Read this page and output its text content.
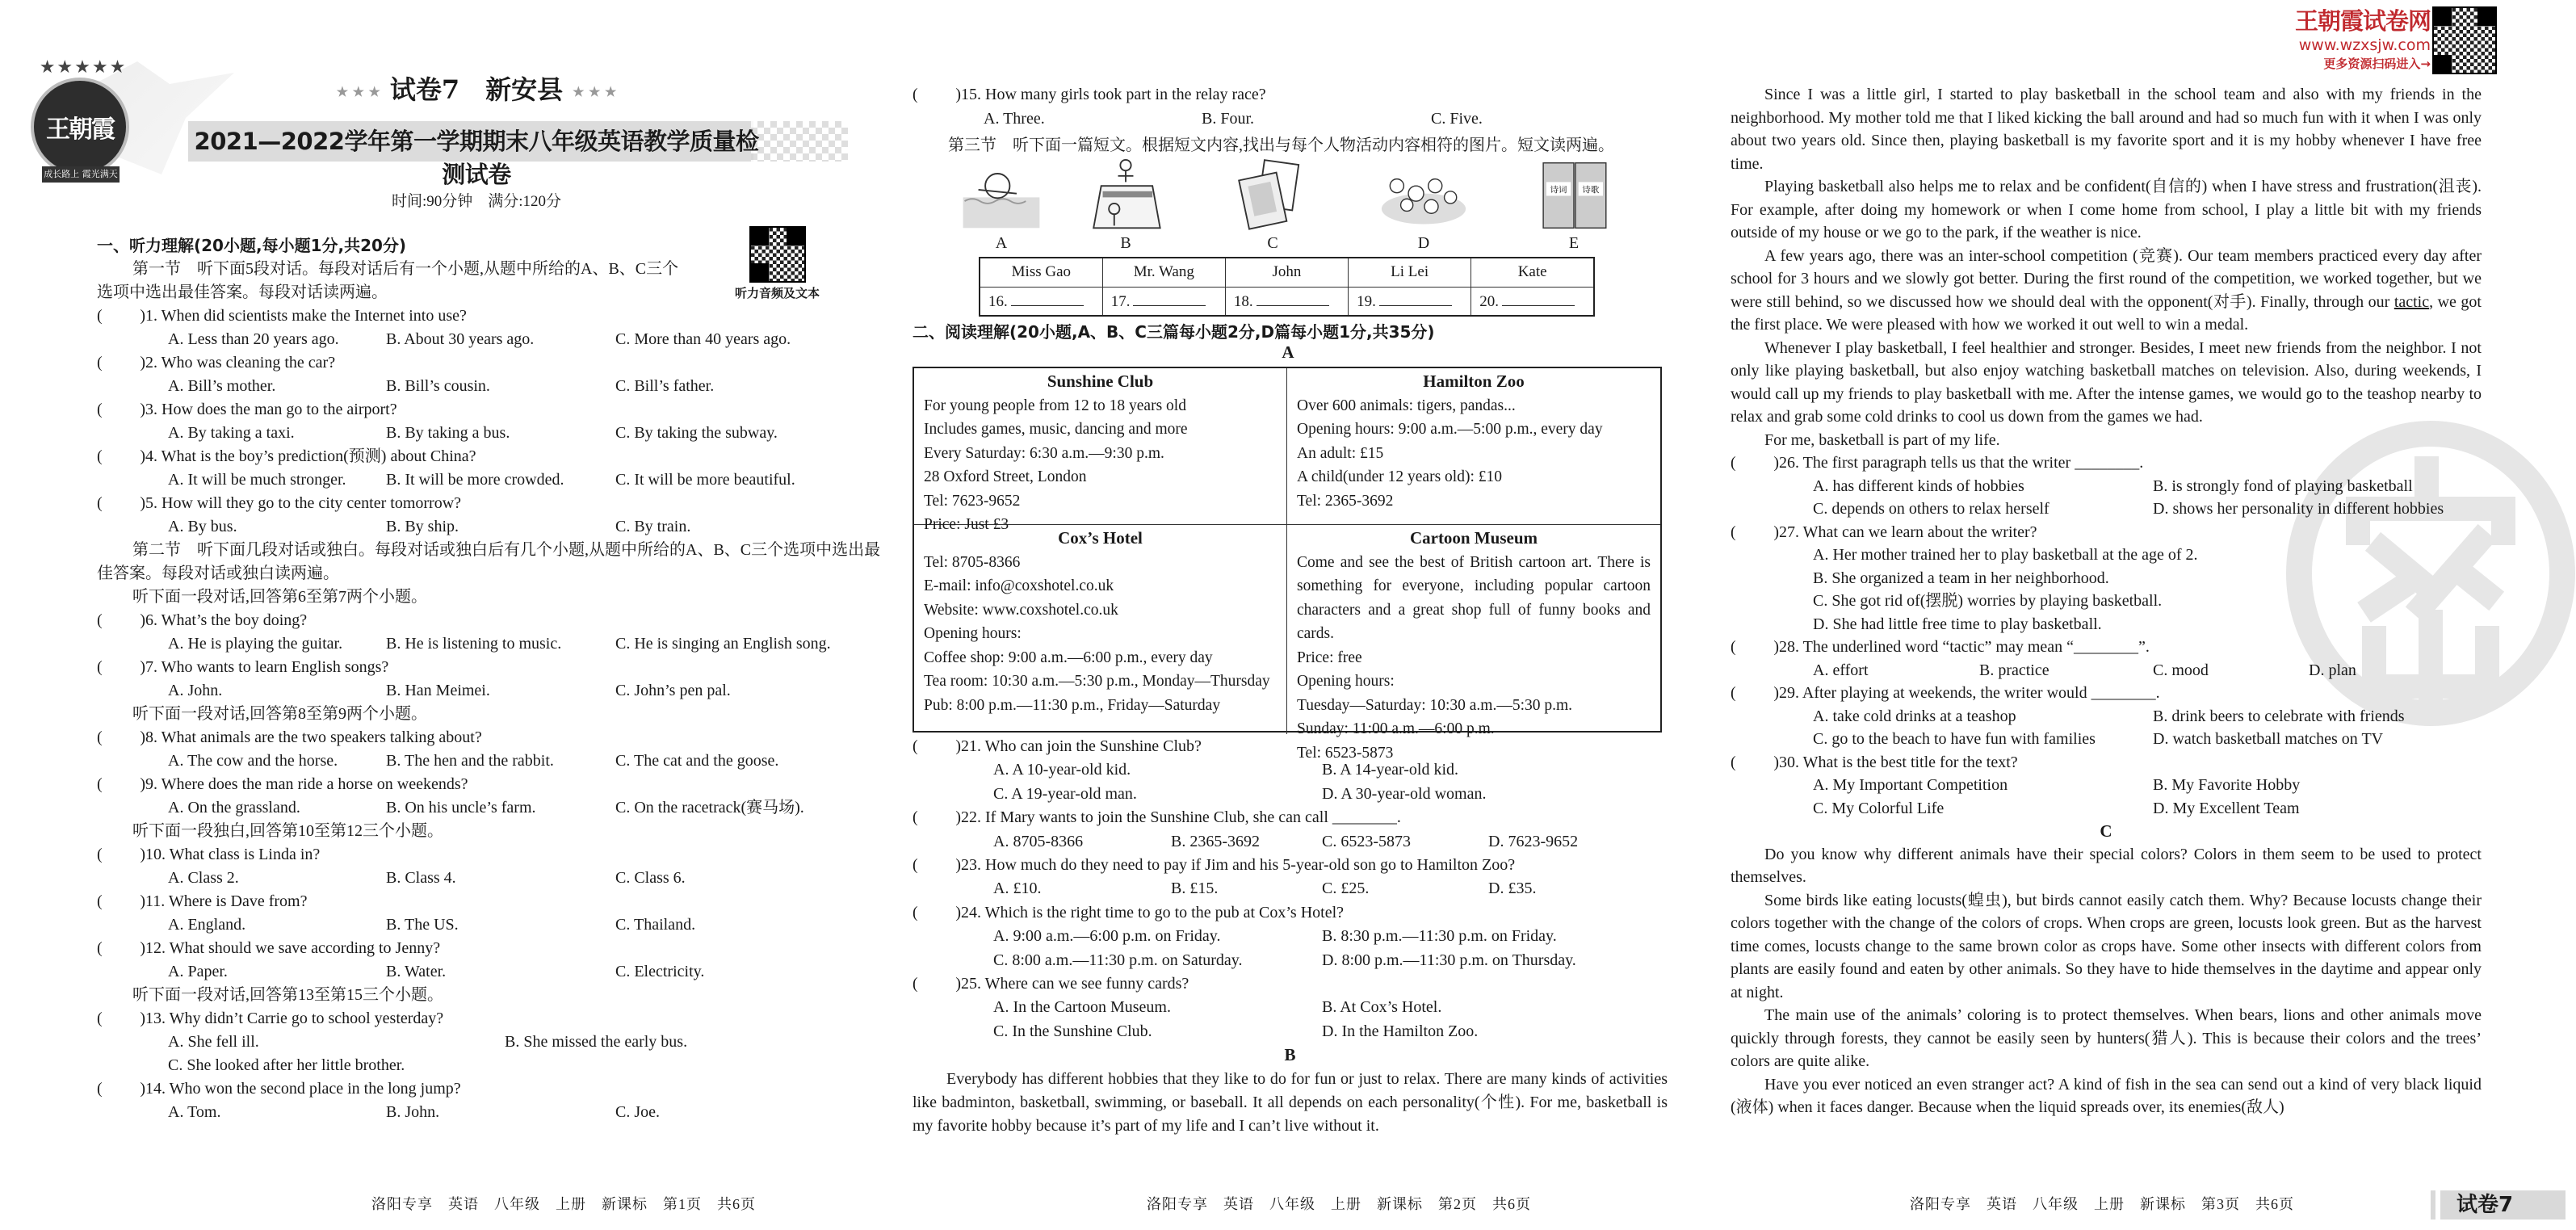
★★★★★
王朝霞
成长路上 霞光满天
★ ★ ★ 试卷7　新安县★ ★ ★
2021—2022学年第一学期期末八年级英语教学质量检测试卷
时间:90分钟　满分:120分
听力音频及文本
王朝霞试卷网
www.wzxsjw.com
更多资源扫码进入→
一、听力理解(20小题,每小题1分,共20分)
第一节　听下面5段对话。每段对话后有一个小题,从题中所给的A、B、C三个选项中选出最佳答案。每段对话读两遍。
( )1 . When did scientists make the Internet into use?
A. Less than 20 years ago.	B. About 30 years ago.	C. More than 40 years ago.
( )2 . Who was cleaning the car?
A. Bill’s mother.	B. Bill’s cousin.	C. Bill’s father.
( )3 . How does the man go to the airport?
A. By taking a taxi.	B. By taking a bus.	C. By taking the subway.
( )4 . What is the boy’s prediction(预测) about China?
A. It will be much stronger. B. It will be more crowded.	C. It will be more beautiful.
( )5 . How will they go to the city center tomorrow?
A. By bus.	B. By ship.	C. By train.
第二节　听下面几段对话或独白。每段对话或独白后有几个小题,从题中所给的A、B、C三个选项中选出最佳答案。每段对话或独白读两遍。
听下面一段对话,回答第6至第7两个小题。
( )6 . What’s the boy doing?
A. He is playing the guitar.	B. He is listening to music.	C. He is singing an English song.
( )7 . Who wants to learn English songs?
A. John.	B. Han Meimei.	C. John’s pen pal.
听下面一段对话,回答第8至第9两个小题。
( )8 . What animals are the two speakers talking about?
A. The cow and the horse.	B. The hen and the rabbit.	C. The cat and the goose.
( )9 . Where does the man ride a horse on weekends?
A. On the grassland.	B. On his uncle’s farm.	C. On the racetrack(赛马场).
听下面一段独白,回答第10至第12三个小题。
( )10 . What class is Linda in?
A. Class 2.	B. Class 4.	C. Class 6.
( )11 . Where is Dave from?
A. England.	B. The US.	C. Thailand.
( )12 . What should we save according to Jenny?
A. Paper.	B. Water.	C. Electricity.
听下面一段对话,回答第13至第15三个小题。
( )13 . Why didn’t Carrie go to school yesterday?
A. She fell ill.	B. She missed the early bus.
C. She looked after her little brother.
( )14 . Who won the second place in the long jump?
A. Tom.	B. John.	C. Joe.
( )15 . How many girls took part in the relay race?
A. Three.	B. Four.	C. Five.
第三节　听下面一篇短文。根据短文内容,找出与每个人物活动内容相符的图片。短文读两遍。
诗词 诗歌
A	B	C	D	E
Miss Gao	Mr. Wang	John	Li Lei	Kate
16.	17.	18.	19.	20.
二、阅读理解(20小题,A、B、C三篇每小题2分,D篇每小题1分,共35分)
A
Sunshine Club
For young people from 12 to 18 years old
Includes games, music, dancing and more
Every Saturday: 6:30 a.m.—9:30 p.m.
28 Oxford Street, London
Tel: 7623-9652
Price: Just £3
Hamilton Zoo
Over 600 animals: tigers, pandas...
Opening hours: 9:00 a.m.—5:00 p.m., every day
An adult: £15
A child(under 12 years old): £10
Tel: 2365-3692
Cox’s Hotel
Tel: 8705-8366
E-mail: info@coxshotel.co.uk
Website: www.coxshotel.co.uk
Opening hours:
Coffee shop: 9:00 a.m.—6:00 p.m., every day
Tea room: 10:30 a.m.—5:30 p.m., Monday—Thursday
Pub: 8:00 p.m.—11:30 p.m., Friday—Saturday
Cartoon Museum
Come and see the best of British cartoon art. There is something for everyone, including popular cartoon characters and a great shop full of funny books and cards.
Price: free
Opening hours:
Tuesday—Saturday: 10:30 a.m.—5:30 p.m.
Sunday: 11:00 a.m.—6:00 p.m.
Tel: 6523-5873
( )21 . Who can join the Sunshine Club?
A. A 10-year-old kid.	B. A 14-year-old kid.
C. A 19-year-old man.	D. A 30-year-old woman.
( )22 . If Mary wants to join the Sunshine Club, she can call ________.
A. 8705-8366	B. 2365-3692	C. 6523-5873	D. 7623-9652
( )23 . How much do they need to pay if Jim and his 5-year-old son go to Hamilton Zoo?
A. £10.	B. £15.	C. £25.	D. £35.
( )24 . Which is the right time to go to the pub at Cox’s Hotel?
A. 9:00 a.m.—6:00 p.m. on Friday.	B. 8:30 p.m.—11:30 p.m. on Friday.
C. 8:00 a.m.—11:30 p.m. on Saturday.	D. 8:00 p.m.—11:30 p.m. on Thursday.
( )25 . Where can we see funny cards?
A. In the Cartoon Museum.	B. At Cox’s Hotel.
C. In the Sunshine Club.	D. In the Hamilton Zoo.
B
Everybody has different hobbies that they like to do for fun or just to relax. There are many kinds of activities like badminton, basketball, swimming, or baseball. It all depends on each personality(个性). For me, basketball is my favorite hobby because it’s part of my life and I can’t live without it.
Since I was a little girl, I started to play basketball in the school team and also with my friends in the neighborhood. My mother told me that I liked kicking the ball around and had so much fun with it when I was only about two years old. Since then, playing basketball is my favorite sport and it is my hobby whenever I have free time.
Playing basketball also helps me to relax and be confident(自信的) when I have stress and frustration(沮丧). For example, after doing my homework or when I come home from school, I play a little bit with my friends outside of my house or we go to the park, if the weather is nice.
A few years ago, there was an inter-school competition (竞赛). Our team members practiced every day after school for 3 hours and we slowly got better. During the first round of the competition, we worked together, but we were still behind, so we discussed how we should deal with the opponent(对手). Finally, through our tactic, we got the first place. We were pleased with how we worked it out well to win a medal.
Whenever I play basketball, I feel healthier and stronger. Besides, I meet new friends from the neighbor. I not only like playing basketball, but also enjoy watching basketball matches on television. Also, during weekends, I would call up my friends to play basketball with me. After the intense games, we would go to the teashop nearby to relax and grab some cold drinks to cool us down from the games we had.
For me, basketball is part of my life.
( )26 . The first paragraph tells us that the writer ________.
A. has different kinds of hobbies	B. is strongly fond of playing basketball
C. depends on others to relax herself	D. shows her personality in different hobbies
( )27 . What can we learn about the writer?
A. Her mother trained her to play basketball at the age of 2.
B. She organized a team in her neighborhood.
C. She got rid of(摆脱) worries by playing basketball.
D. She had little free time to play basketball.
( )28 . The underlined word “tactic” may mean “________”.
A. effort	B. practice	C. mood	D. plan
( )29 . After playing at weekends, the writer would ________.
A. take cold drinks at a teashop	B. drink beers to celebrate with friends
C. go to the beach to have fun with families	D. watch basketball matches on TV
( )30 . What is the best title for the text?
A. My Important Competition	B. My Favorite Hobby
C. My Colorful Life	D. My Excellent Team
C
Do you know why different animals have their special colors? Colors in them seem to be used to protect themselves.
Some birds like eating locusts(蝗虫), but birds cannot easily catch them. Why? Because locusts change their colors together with the change of the colors of crops. When crops are green, locusts look green. But as the harvest time comes, locusts change to the same brown color as crops have. Some other insects with different colors from plants are easily found and eaten by other animals. So they have to hide themselves in the daytime and appear only at night.
The main use of the animals’ coloring is to protect themselves. When bears, lions and other animals move quickly through forests, they cannot be easily seen by hunters(猎人). This is because their colors and the trees’ colors are quite alike.
Have you ever noticed an even stranger act? A kind of fish in the sea can send out a kind of very black liquid (液体) when it faces danger. Because when the liquid spreads over, its enemies(敌人)
洛阳专享　英语　八年级　上册　新课标　第1页　共6页	洛阳专享　英语　八年级　上册　新课标　第2页　共6页	洛阳专享　英语　八年级　上册　新课标　第3页　共6页	试卷7
